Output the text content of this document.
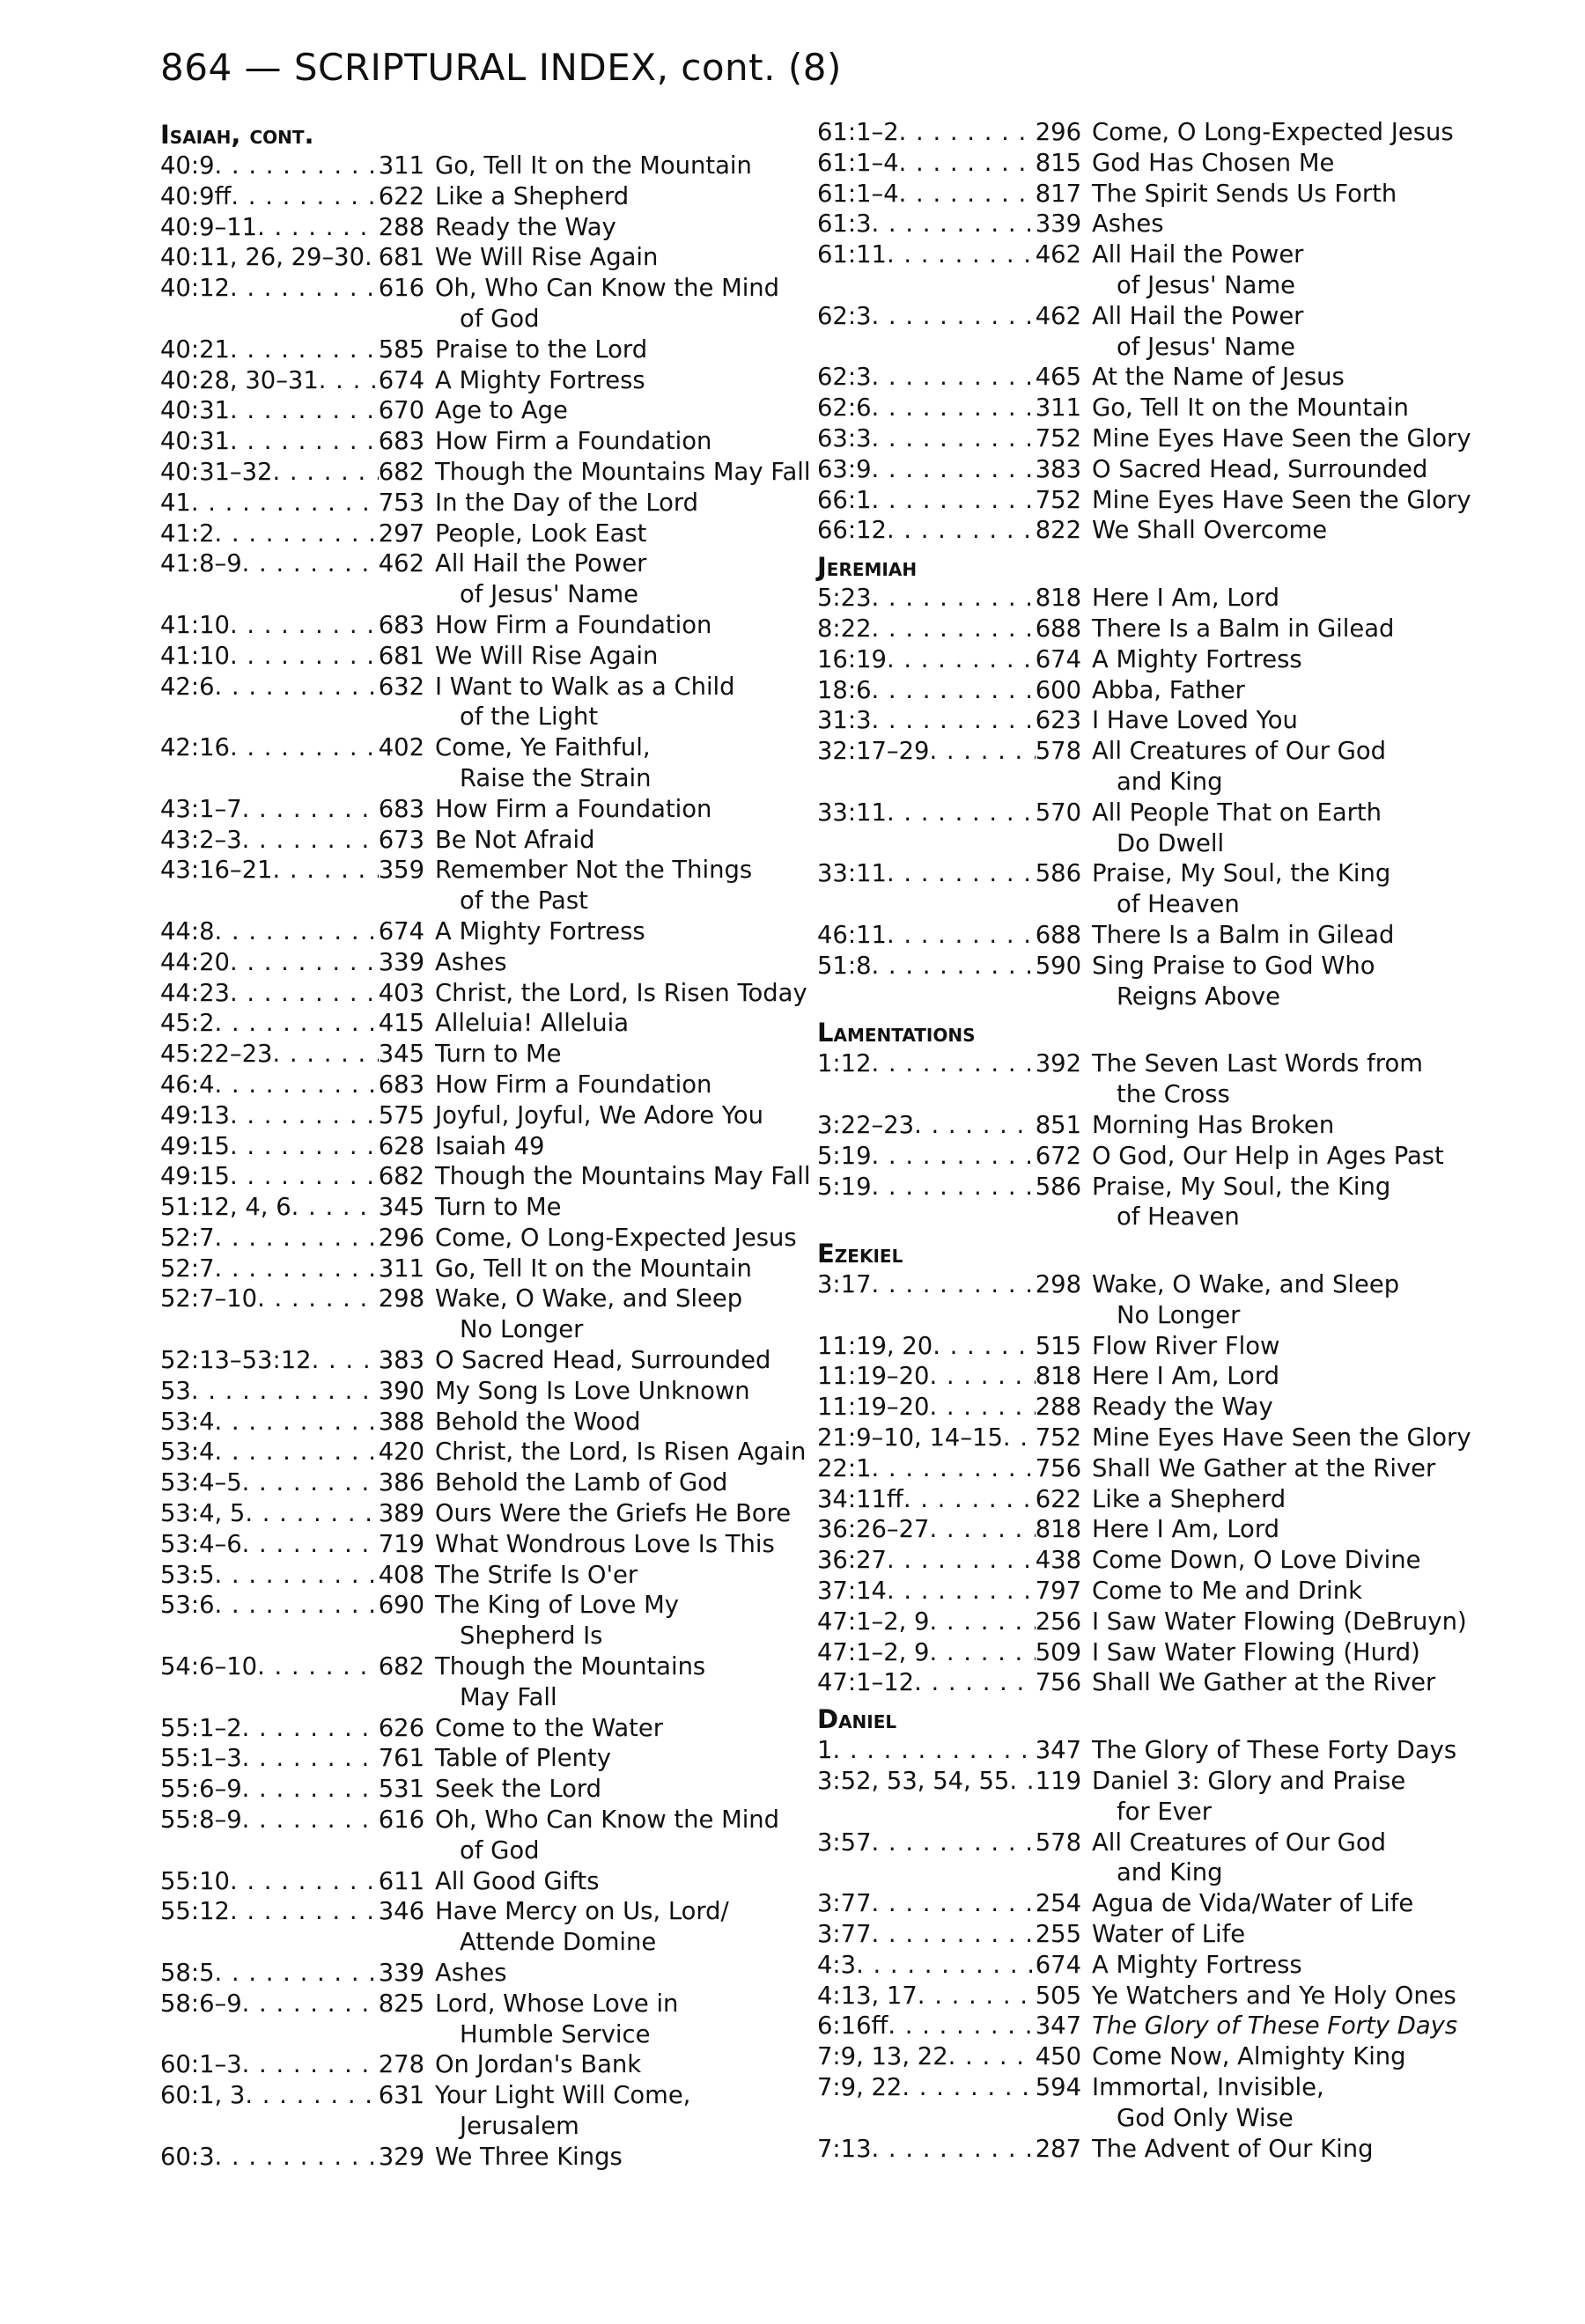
864 — SCRIPTURAL INDEX, cont. (8)
Isaiah, cont.
40:9 . . .	311 Go, Tell It on the Mountain
40:9ff . . .	622 Like a Shepherd
40:9–11 . . .	288 Ready the Way
40:11, 26, 29–30 . . . 681 We Will Rise Again
40:12 . . .	616 Oh, Who Can Know the Mind
of God
40:21 . . .	585 Praise to the Lord
40:28, 30–31 . . . 674 A Mighty Fortress
40:31 . . .	670 Age to Age
40:31 . . .	683 How Firm a Foundation
40:31–32 . . .	682 Though the Mountains May Fall
41 . . .	753 In the Day of the Lord
41:2 . . .	297 People, Look East
41:8–9 . . .	462 All Hail the Power
of Jesus' Name
41:10 . . .	683 How Firm a Foundation
41:10 . . .	681 We Will Rise Again
42:6 . . .	632 I Want to Walk as a Child
of the Light
42:16 . . .	402 Come, Ye Faithful,
Raise the Strain
43:1–7 . . .	683 How Firm a Foundation
43:2–3 . . .	673 Be Not Afraid
43:16–21 . . .	359 Remember Not the Things
of the Past
44:8 . . .	674 A Mighty Fortress
44:20 . . .	339 Ashes
44:23 . . .	403 Christ, the Lord, Is Risen Today
45:2 . . .	415 Alleluia! Alleluia
45:22–23 . . .	345 Turn to Me
46:4 . . .	683 How Firm a Foundation
49:13 . . .	575 Joyful, Joyful, We Adore You
49:15 . . .	628 Isaiah 49
49:15 . . .	682 Though the Mountains May Fall
51:12, 4, 6 . . .	345 Turn to Me
52:7 . . .	296 Come, O Long-Expected Jesus
52:7 . . .	311 Go, Tell It on the Mountain
52:7–10 . . .	298 Wake, O Wake, and Sleep
No Longer
52:13–53:12 . . .	383 O Sacred Head, Surrounded
53 . . .	390 My Song Is Love Unknown
53:4 . . .	388 Behold the Wood
53:4 . . .	420 Christ, the Lord, Is Risen Again
53:4–5 . . .	386 Behold the Lamb of God
53:4, 5 . . .	389 Ours Were the Griefs He Bore
53:4–6 . . .	719 What Wondrous Love Is This
53:5 . . .	408 The Strife Is O'er
53:6 . . .	690 The King of Love My
Shepherd Is
54:6–10 . . .	682 Though the Mountains
May Fall
55:1–2 . . .	626 Come to the Water
55:1–3 . . .	761 Table of Plenty
55:6–9 . . .	531 Seek the Lord
55:8–9 . . .	616 Oh, Who Can Know the Mind
of God
55:10 . . .	611 All Good Gifts
55:12 . . .	346 Have Mercy on Us, Lord/
Attende Domine
58:5 . . .	339 Ashes
58:6–9 . . .	825 Lord, Whose Love in
Humble Service
60:1–3 . . .	278 On Jordan's Bank
60:1, 3 . . .	631 Your Light Will Come,
Jerusalem
60:3 . . .	329 We Three Kings
61:1–2 . . .	296 Come, O Long-Expected Jesus
61:1–4 . . .	815 God Has Chosen Me
61:1–4 . . .	817 The Spirit Sends Us Forth
61:3 . . .	339 Ashes
61:11 . . .	462 All Hail the Power
of Jesus' Name
62:3 . . .	462 All Hail the Power
of Jesus' Name
62:3 . . .	465 At the Name of Jesus
62:6 . . .	311 Go, Tell It on the Mountain
63:3 . . .	752 Mine Eyes Have Seen the Glory
63:9 . . .	383 O Sacred Head, Surrounded
66:1 . . .	752 Mine Eyes Have Seen the Glory
66:12 . . .	822 We Shall Overcome
Jeremiah
5:23 . . .	818 Here I Am, Lord
8:22 . . .	688 There Is a Balm in Gilead
16:19 . . .	674 A Mighty Fortress
18:6 . . .	600 Abba, Father
31:3 . . .	623 I Have Loved You
32:17–29 . . .	578 All Creatures of Our God
and King
33:11 . . .	570 All People That on Earth
Do Dwell
33:11 . . .	586 Praise, My Soul, the King
of Heaven
46:11 . . .	688 There Is a Balm in Gilead
51:8 . . .	590 Sing Praise to God Who
Reigns Above
Lamentations
1:12 . . .	392 The Seven Last Words from
the Cross
3:22–23 . . .	851 Morning Has Broken
5:19 . . .	672 O God, Our Help in Ages Past
5:19 . . .	586 Praise, My Soul, the King
of Heaven
Ezekiel
3:17 . . .	298 Wake, O Wake, and Sleep
No Longer
11:19, 20 . . .	515 Flow River Flow
11:19–20 . . .	818 Here I Am, Lord
11:19–20 . . .	288 Ready the Way
21:9–10, 14–15 . . . 752 Mine Eyes Have Seen the Glory
22:1 . . .	756 Shall We Gather at the River
34:11ff . . .	622 Like a Shepherd
36:26–27 . . .	818 Here I Am, Lord
36:27 . . .	438 Come Down, O Love Divine
37:14 . . .	797 Come to Me and Drink
47:1–2, 9 . . .	256 I Saw Water Flowing (DeBruyn)
47:1–2, 9 . . .	509 I Saw Water Flowing (Hurd)
47:1–12 . . .	756 Shall We Gather at the River
Daniel
1 . . .	347 The Glory of These Forty Days
3:52, 53, 54, 55 . . . 119 Daniel 3: Glory and Praise
for Ever
3:57 . . .	578 All Creatures of Our God
and King
3:77 . . .	254 Agua de Vida/Water of Life
3:77 . . .	255 Water of Life
4:3 . . .	674 A Mighty Fortress
4:13, 17 . . .	505 Ye Watchers and Ye Holy Ones
6:16ff . . .	347 The Glory of These Forty Days
7:9, 13, 22 . . .	450 Come Now, Almighty King
7:9, 22 . . .	594 Immortal, Invisible,
God Only Wise
7:13 . . .	287 The Advent of Our King
